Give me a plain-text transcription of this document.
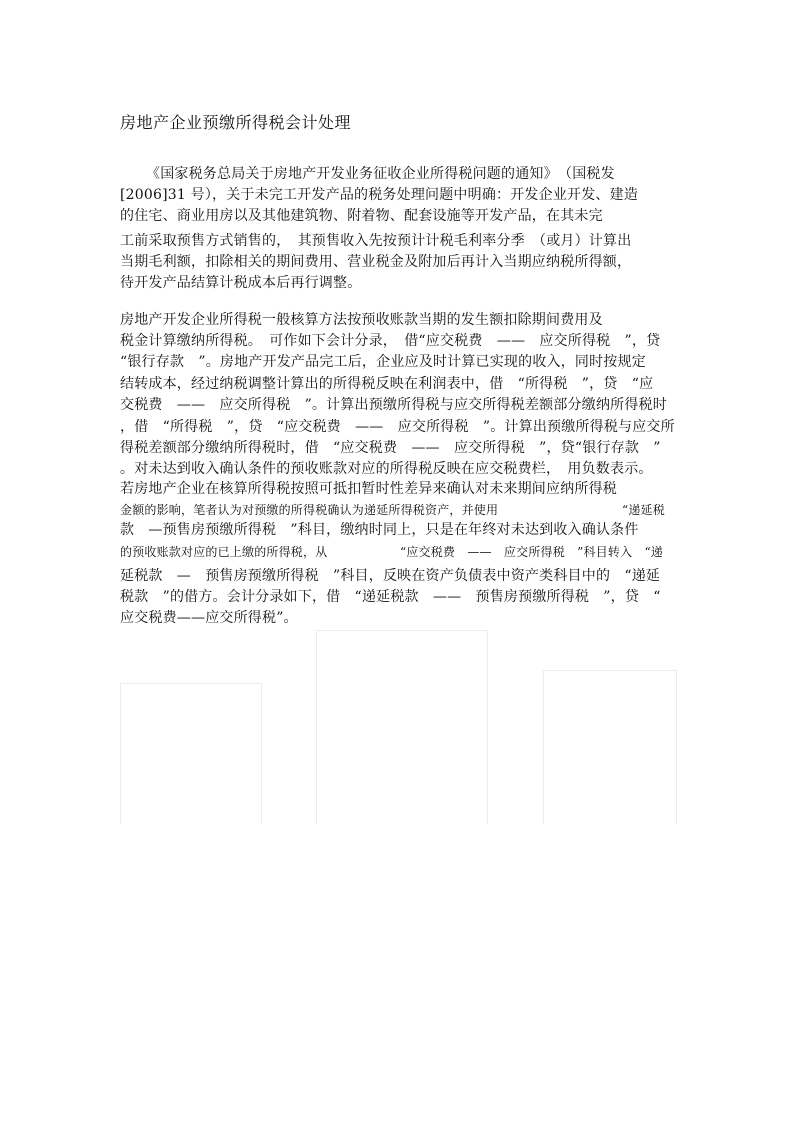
房地产企业预缴所得税会计处理
《国家税务总局关于房地产开发业务征收企业所得税问题的通知》　（国税发
[2006]31 号），关于未完工开发产品的税务处理问题中明确：开发企业开发、建造
的住宅、商业用房以及其他建筑物、附着物、配套设施等开发产品，在其未完
工前采取预售方式销售的，　其预售收入先按预计计税毛利率分季　（或月）计算出
当期毛利额，扣除相关的期间费用、营业税金及附加后再计入当期应纳税所得额，
待开发产品结算计税成本后再行调整。
房地产开发企业所得税一般核算方法按预收账款当期的发生额扣除期间费用及
税金计算缴纳所得税。　可作如下会计分录，　借“应交税费　——　应交所得税　”，贷
“银行存款　”。房地产开发产品完工后，企业应及时计算已实现的收入，同时按规定
结转成本，经过纳税调整计算出的所得税反映在利润表中，借　“所得税　”，贷　“应
交税费　——　应交所得税　”。计算出预缴所得税与应交所得税差额部分缴纳所得税时
，借　“所得税　”，贷　“应交税费　——　应交所得税　”。计算出预缴所得税与应交所
得税差额部分缴纳所得税时，借　“应交税费　——　应交所得税　”，贷“银行存款　”
。对未达到收入确认条件的预收账款对应的所得税反映在应交税费栏，　用负数表示。
若房地产企业在核算所得税按照可抵扣暂时性差异来确认对未来期间应纳所得税
金额的影响，笔者认为对预缴的所得税确认为递延所得税资产，并使用	“递延税
款　—预售房预缴所得税　”科目，缴纳时同上，只是在年终对未达到收入确认条件
的预收账款对应的已上缴的所得税，从	“应交税费　——　应交所得税　”科目转入　“递
延税款　—　预售房预缴所得税　”科目，反映在资产负债表中资产类科目中的　“递延
税款　”的借方。会计分录如下，借　“递延税款　——　预售房预缴所得税　”，贷　“
应交税费——应交所得税”。
